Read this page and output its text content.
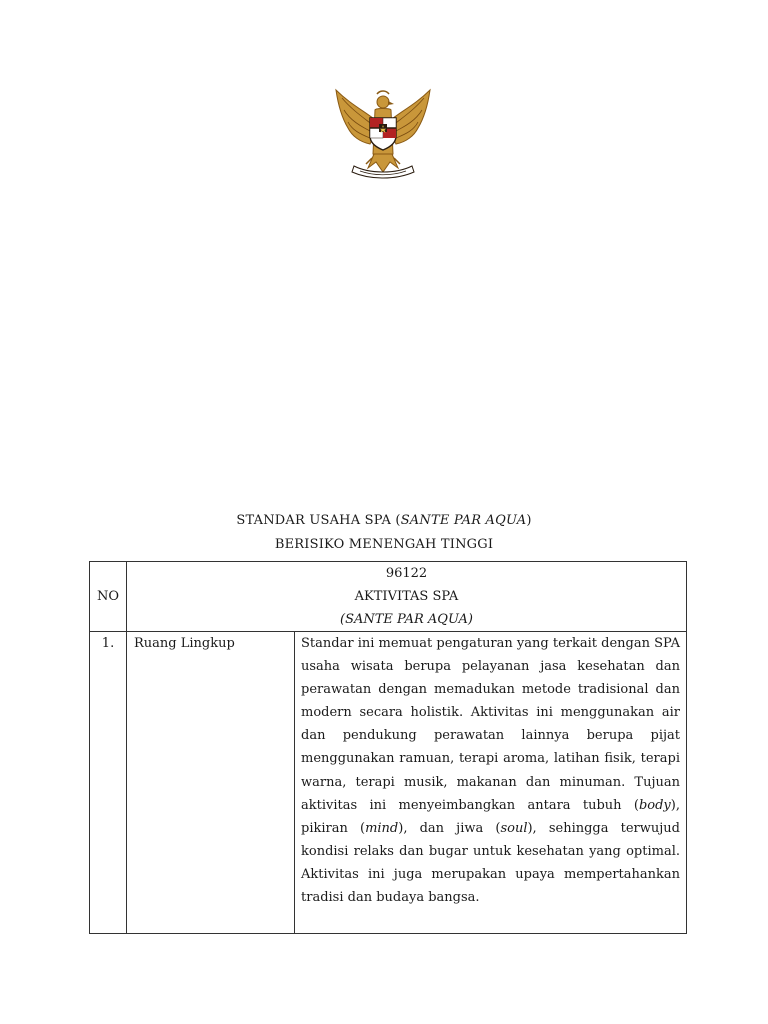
STANDAR USAHA SPA (SANTE PAR AQUA)
BERISIKO MENENGAH TINGGI
NO	96122
AKTIVITAS SPA
(SANTE PAR AQUA)	

1.	Ruang Lingkup	Standar ini memuat pengaturan yang terkait dengan SPA usaha wisata berupa pelayanan jasa kesehatan dan perawatan dengan memadukan metode tradisional dan modern secara holistik. Aktivitas ini menggunakan air dan pendukung perawatan lainnya berupa pijat menggunakan ramuan, terapi aroma, latihan fisik, terapi warna, terapi musik, makanan dan minuman. Tujuan aktivitas ini menyeimbangkan antara tubuh (body), pikiran (mind), dan jiwa (soul), sehingga terwujud kondisi relaks dan bugar untuk kesehatan yang optimal. Aktivitas ini juga merupakan upaya mempertahankan tradisi dan budaya bangsa.
